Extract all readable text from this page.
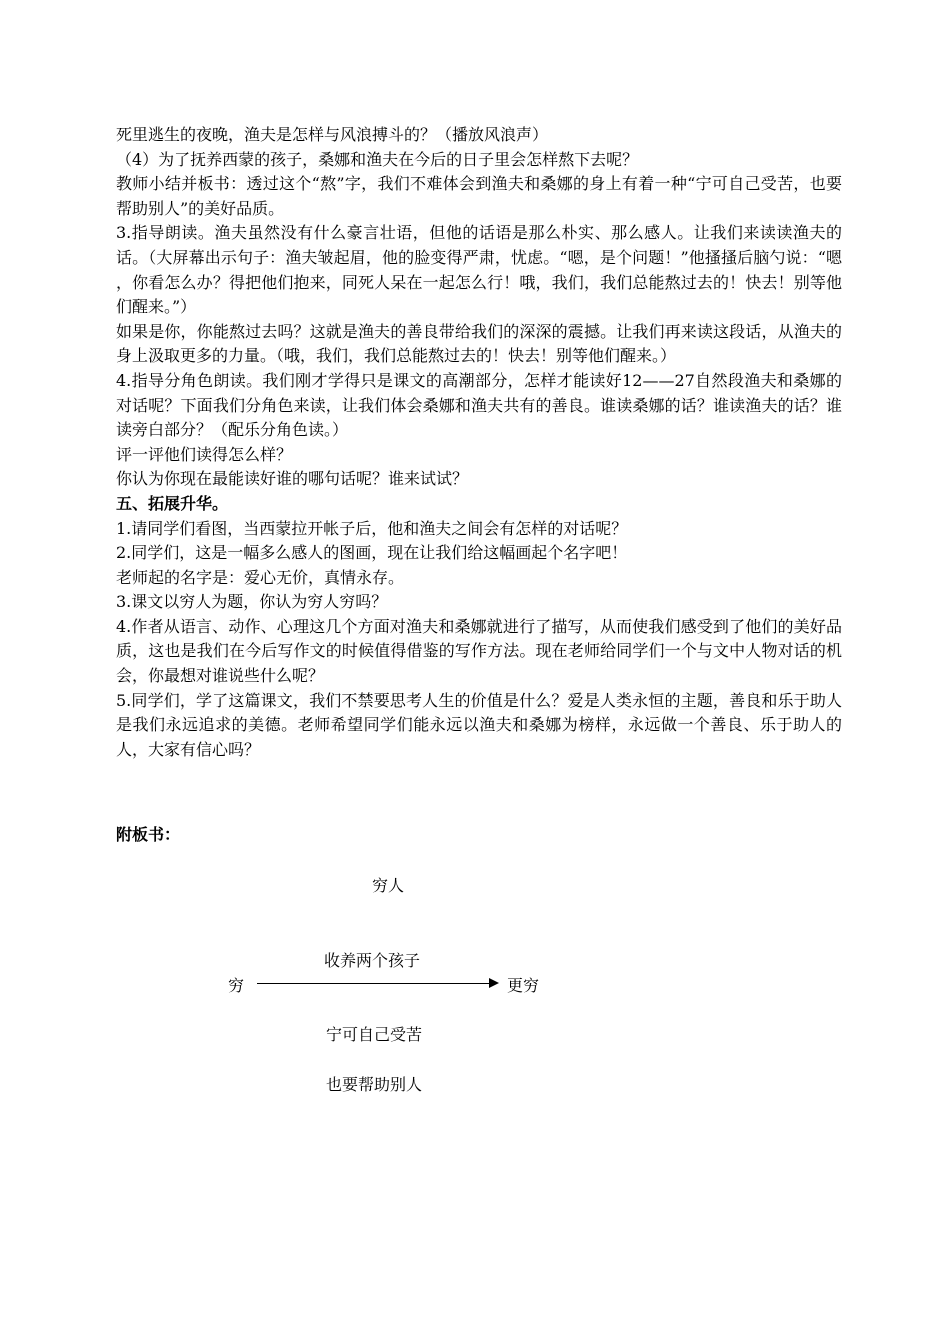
死里逃生的夜晚，渔夫是怎样与风浪搏斗的？（播放风浪声）

（4）为了抚养西蒙的孩子，桑娜和渔夫在今后的日子里会怎样熬下去呢？

教师小结并板书：透过这个“熬”字，我们不难体会到渔夫和桑娜的身上有着一种“宁可自己受苦，也要帮助别人”的美好品质。

3.指导朗读。渔夫虽然没有什么豪言壮语，但他的话语是那么朴实、那么感人。让我们来读读渔夫的话。（大屏幕出示句子：渔夫皱起眉，他的脸变得严肃，忧虑。“嗯，是个问题！”他搔搔后脑勺说：“嗯 ，你看怎么办？得把他们抱来，同死人呆在一起怎么行！哦，我们，我们总能熬过去的！快去！别等他们醒来。”）

如果是你，你能熬过去吗？这就是渔夫的善良带给我们的深深的震撼。让我们再来读这段话，从渔夫的身上汲取更多的力量。（哦，我们，我们总能熬过去的！快去！别等他们醒来。）

4.指导分角色朗读。我们刚才学得只是课文的高潮部分，怎样才能读好12——27自然段渔夫和桑娜的对话呢？下面我们分角色来读，让我们体会桑娜和渔夫共有的善良。谁读桑娜的话？谁读渔夫的话？谁读旁白部分？（配乐分角色读。）

评一评他们读得怎么样？

你认为你现在最能读好谁的哪句话呢？谁来试试？

五、拓展升华。

1.请同学们看图，当西蒙拉开帐子后，他和渔夫之间会有怎样的对话呢？

2.同学们，这是一幅多么感人的图画，现在让我们给这幅画起个名字吧！

老师起的名字是：爱心无价，真情永存。

3.课文以穷人为题，你认为穷人穷吗？

4.作者从语言、动作、心理这几个方面对渔夫和桑娜就进行了描写，从而使我们感受到了他们的美好品质，这也是我们在今后写作文的时候值得借鉴的写作方法。现在老师给同学们一个与文中人物对话的机会，你最想对谁说些什么呢？

5.同学们，学了这篇课文，我们不禁要思考人生的价值是什么？爱是人类永恒的主题，善良和乐于助人是我们永远追求的美德。老师希望同学们能永远以渔夫和桑娜为榜样，永远做一个善良、乐于助人的人，大家有信心吗？

附板书：
穷人
收养两个孩子
穷	更穷
宁可自己受苦
也要帮助别人
